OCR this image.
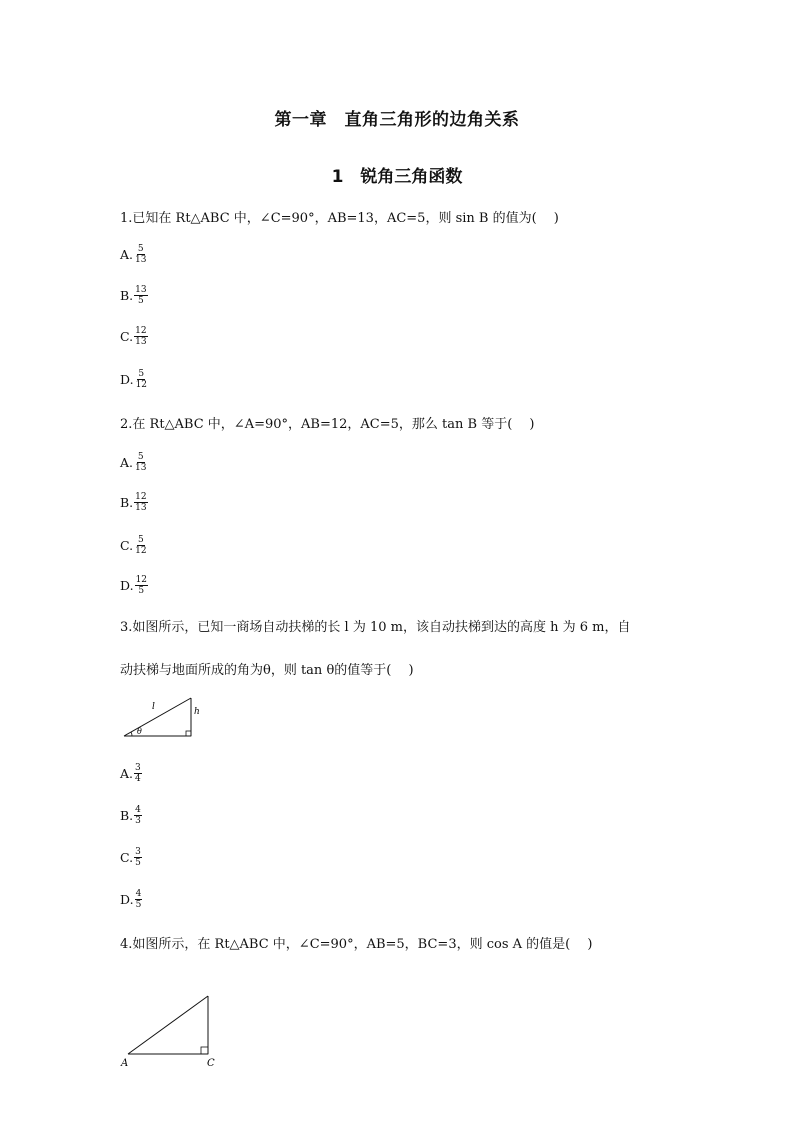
第一章　直角三角形的边角关系
1　锐角三角函数
1.已知在 Rt△ABC 中，∠C=90°，AB=13，AC=5，则 sin B 的值为(　 )
A. $\frac{5}{13}$
B. $\frac{13}{5}$
C. $\frac{12}{13}$
D. $\frac{5}{12}$
2.在 Rt△ABC 中，∠A=90°，AB=12，AC=5，那么 tan B 等于(　 )
A. $\frac{5}{13}$
B. $\frac{12}{13}$
C. $\frac{5}{12}$
D. $\frac{12}{5}$
3.如图所示，已知一商场自动扶梯的长 l 为 10 m，该自动扶梯到达的高度 h 为 6 m，自
动扶梯与地面所成的角为θ，则 tan θ的值等于(　 )
l	h
θ
A. $\frac{3}{4}$
B. $\frac{4}{3}$
C. $\frac{3}{5}$
D. $\frac{4}{5}$
4.如图所示，在 Rt△ABC 中，∠C=90°，AB=5，BC=3，则 cos A 的值是(　 )
A	C
